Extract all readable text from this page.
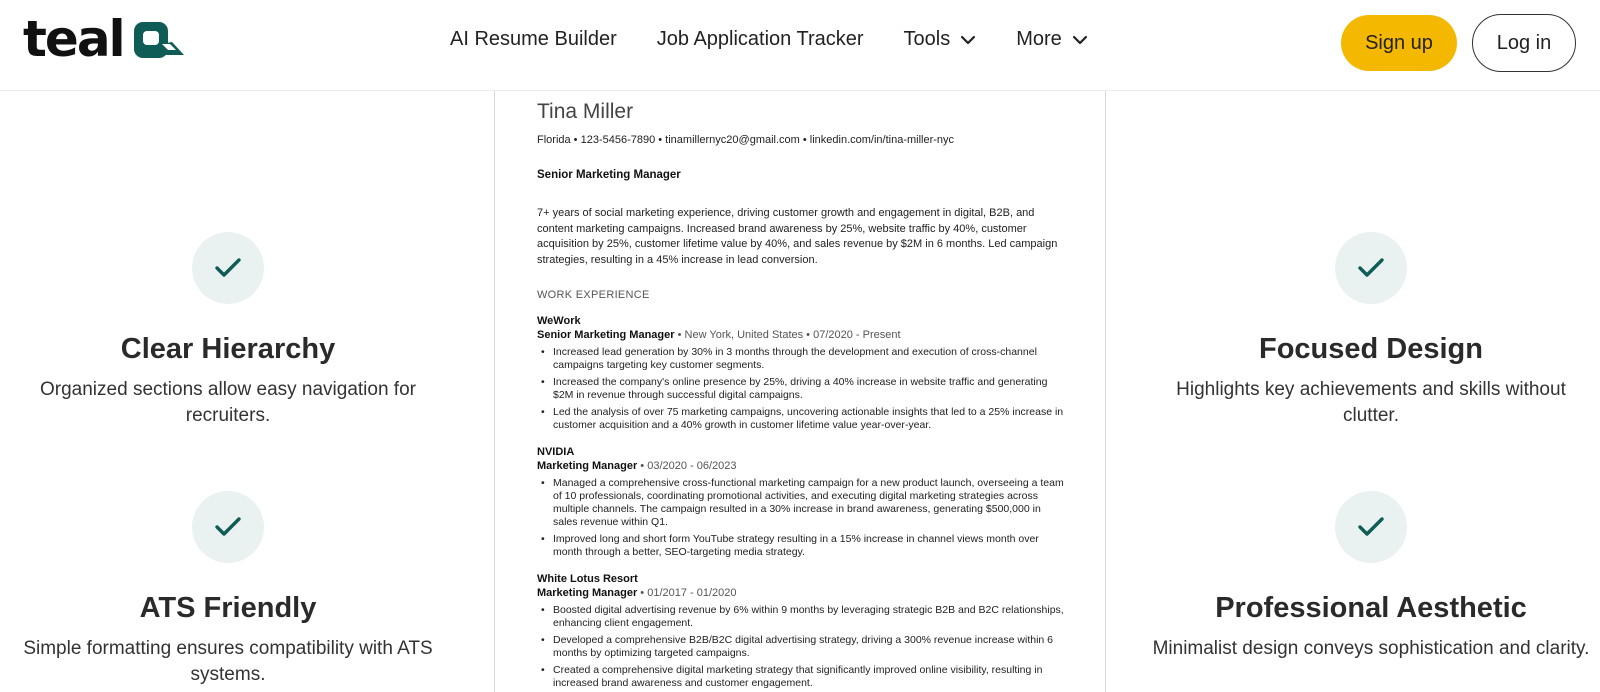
teal	AI Resume Builder Job Application Tracker Tools	More	Sign up	Log in
Clear Hierarchy

Organized sections allow easy navigation for recruiters.

ATS Friendly

Simple formatting ensures compatibility with ATS systems.

Focused Design

Highlights key achievements and skills without clutter.

Professional Aesthetic

Minimalist design conveys sophistication and clarity.

Tina Miller
Florida • 123-5456-7890 • tinamillernyc20@gmail.com • linkedin.com/in/tina-miller-nyc
Senior Marketing Manager
7+ years of social marketing experience, driving customer growth and engagement in digital, B2B, and content marketing campaigns. Increased brand awareness by 25%, website traffic by 40%, customer acquisition by 25%, customer lifetime value by 40%, and sales revenue by $2M in 6 months. Led campaign strategies, resulting in a 45% increase in lead conversion.
WORK EXPERIENCE
WeWork
Senior Marketing Manager • New York, United States • 07/2020 - Present
• Increased lead generation by 30% in 3 months through the development and execution of cross-channel campaigns targeting key customer segments.
• Increased the company's online presence by 25%, driving a 40% increase in website traffic and generating $2M in revenue through successful digital campaigns.
• Led the analysis of over 75 marketing campaigns, uncovering actionable insights that led to a 25% increase in customer acquisition and a 40% growth in customer lifetime value year-over-year.
NVIDIA
Marketing Manager • 03/2020 - 06/2023
• Managed a comprehensive cross-functional marketing campaign for a new product launch, overseeing a team of 10 professionals, coordinating promotional activities, and executing digital marketing strategies across multiple channels. The campaign resulted in a 30% increase in brand awareness, generating $500,000 in sales revenue within Q1.
• Improved long and short form YouTube strategy resulting in a 15% increase in channel views month over month through a better, SEO-targeting media strategy.
White Lotus Resort
Marketing Manager • 01/2017 - 01/2020
• Boosted digital advertising revenue by 6% within 9 months by leveraging strategic B2B and B2C relationships, enhancing client engagement.
• Developed a comprehensive B2B/B2C digital advertising strategy, driving a 300% revenue increase within 6 months by optimizing targeted campaigns.
• Created a comprehensive digital marketing strategy that significantly improved online visibility, resulting in increased brand awareness and customer engagement.
